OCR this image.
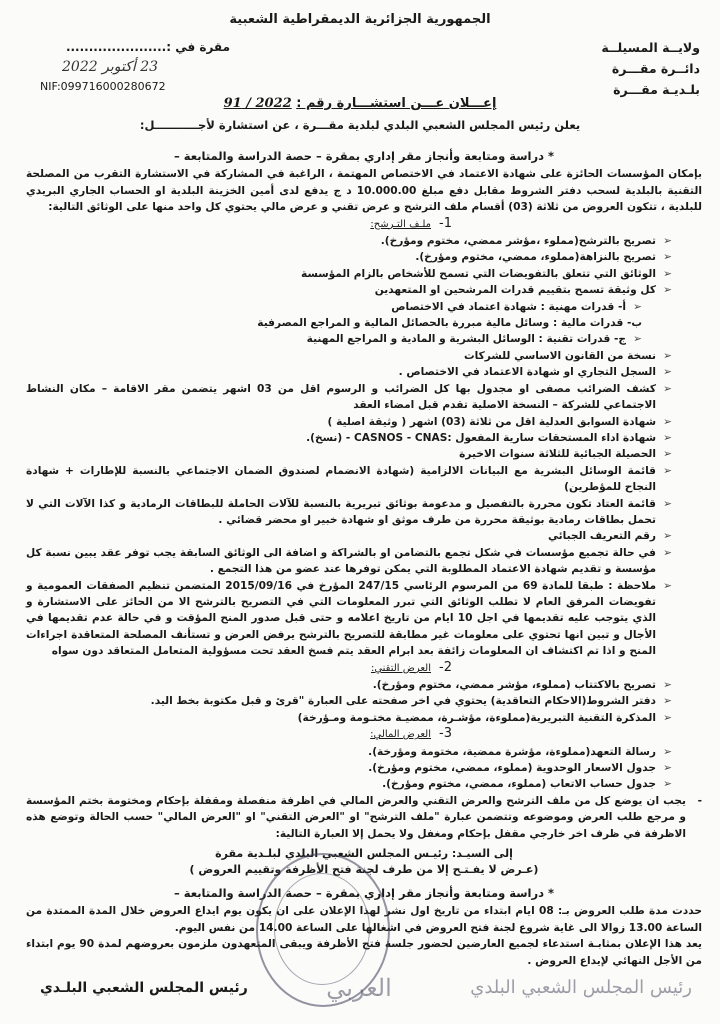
الجمهورية الجزائرية الديمقراطية الشعبية
ولايــة المسيلــة
دائــرة مقـــرة
بلـديـة مقـــرة
مقرة في :......................
23 أكتوبر 2022
NIF:099716000280672
إعـــلان عـــن استشـــارة رقم : 2022 / 91
يعلن رئيس المجلس الشعبي البلدي لبلدية مقـــرة ، عن استشارة لأجـــــــــــل:

* دراسة ومتابعة وأنجاز مقر إداري بمقرة – حصة الدراسة والمتابعة –

بإمكان المؤسسات الحائزة على شهادة الاعتماد في الاختصاص المهتمة ، الراغبة في المشاركة في الاستشارة التقرب من المصلحة التقنية بالبلدية لسحب دفتر الشروط مقابل دفع مبلغ 10.000.00 د ج يدفع لدى أمين الخزينة البلدية او الحساب الجاري البريدي للبلدية ، تتكون العروض من ثلاثة (03) أقسام ملف الترشح و عرض تقني و عرض مالي يحتوي كل واحد منها على الوثائق التالية:

1-ملـف التـرشح:

➢
تصريح بالترشح(مملوء ،مؤشر ممضي، مختوم ومؤرخ).

➢
تصريح بالنزاهة(مملوء، ممضي، مختوم ومؤرخ).

➢
الوثائق التي تتعلق بالتفويضات التي تسمح للأشخاص بالزام المؤسسة

➢
كل وثيقة تسمح بتقييم قدرات المرشحين او المتعهدين

➢
أ- قدرات مهنية : شهادة اعتماد في الاختصاص

ب- قدرات مالية : وسائل مالية مبررة بالحصائل المالية و المراجع المصرفية

➢
ج- قدرات تقنية : الوسائل البشرية و المادية و المراجع المهنية

➢
نسخة من القانون الاساسي للشركات

➢
السجل التجاري او شهادة الاعتماد في الاختصاص .

➢
كشف الضرائب مصفى او مجدول بها كل الضرائب و الرسوم اقل من 03 اشهر يتضمن مقر الاقامة – مكان النشاط الاجتماعي للشركة – النسخة الاصلية تقدم قبل امضاء العقد

➢
شهادة السوابق العدلية اقل من ثلاثة (03) اشهر ( وثيقة اصلية )

➢
شهادة اداء المستحقات سارية المفعول :CASNOS - CNAS - (نسخ).

➢
الحصيلة الجبائية للثلاثة سنوات الاخيرة

➢
قائمة الوسائل البشرية مع البيانات الالزامية (شهادة الانضمام لصندوق الضمان الاجتماعي بالنسبة للإطارات + شهادة النجاح للمؤطرين)

➢
قائمة العتاد تكون محررة بالتفصيل و مدعومة بوثائق تبريرية بالنسبة للآلات الحاملة للبطاقات الرمادية و كذا الآلات التي لا تحمل بطاقات رمادية بوثيقة محررة من طرف موثق او شهادة خبير او محضر قضائي .

➢
رقم التعريف الجبائي

➢
في حالة تجميع مؤسسات في شكل تجمع بالتضامن او بالشراكة و اضافة الى الوثائق السابقة يجب توفر عقد يبين نسبة كل مؤسسة و تقديم شهادة الاعتماد المطلوبة التي يمكن توفرها عند عضو من هذا التجمع .

➢
ملاحظة : طبقا للمادة 69 من المرسوم الرئاسي 247/15 المؤرخ في 2015/09/16 المتضمن تنظيم الصفقات العمومية و تفويضات المرفق العام لا تطلب الوثائق التي تبرر المعلومات التي في التصريح بالترشح الا من الحائز على الاستشارة و الذي يتوجب عليه تقديمها في اجل 10 ايام من تاريخ اعلامه و حتى قبل صدور المنح المؤقت و في حالة عدم تقديمها في الأجال و تبين انها تحتوي على معلومات غير مطابقة للتصريح بالترشح يرفض العرض و تستأنف المصلحة المتعاقدة اجراءات المنح و اذا تم اكتشاف ان المعلومات زائفة بعد ابرام العقد يتم فسخ العقد تحت مسؤولية المتعامل المتعاقد دون سواه

2-العرض التقني:

➢
تصريح بالاكتتاب (مملوء، مؤشر ممضي، مختوم ومؤرخ).

➢
دفتر الشروط(الاحكام التعاقدية) يحتوي في اخر صفحته على العبارة "قرئ و قبل مكتوبة بخط اليد.

➢
المذكرة التقنية التبريرية(مملوءة، مؤشـرة، ممضيـة مختـومة ومـؤرخة)

3-العرض المالي:

➢
رسالة التعهد(مملوءة، مؤشرة ممضية، مختومة ومؤرخة).

➢
جدول الاسعار الوحدوية (مملوء، ممضي، مختوم ومؤرخ).

➢
جدول حساب الاتعاب (مملوء، ممضي، مختوم ومؤرخ).

-
يجب ان يوضع كل من ملف الترشح والعرض التقني والعرض المالي في اظرفة منفصلة ومقفلة بإحكام ومختومة بختم المؤسسة و مرجع طلب العرض وموضوعه وتتضمن عبارة "ملف الترشح" او "العرض التقني" او "العرض المالي" حسب الحالة وتوضع هذه الاظرفة في ظرف اخر خارجي مقفل بإحكام ومغفل ولا يحمل إلا العبارة التالية:

إلى السيـد: رئيـس المجلس الشعبي البلدي لبلـدية مقرة

(عـرض لا يفـتـح إلا من طرف لجنة فتح الأظرفة وتقييم العروض )

* دراسة ومتابعة وأنجاز مقر إداري بمقرة – حصة الدراسة والمتابعة –

حددت مدة طلب العروض بـ: 08 ايام ابتداء من تاريخ اول نشر لهذا الإعلان على ان يكون يوم ايداع العروض خلال المدة الممتدة من الساعة 13.00 زوالا الى غاية شروع لجنة فتح العروض في اشغالها على الساعة 14.00 من نفس اليوم.

يعد هذا الإعلان بمثابـة استدعاء لجميع العارضين لحضور جلسة فتح الأظرفة ويبقى المتعهدون ملزمون بعروضهم لمدة 90 يوم ابتداء من الأجل النهائي لإيداع العروض .

رئيس المجلس الشعبي البلدي
العربي
رئيس المجلس الشعبي البلـدي
